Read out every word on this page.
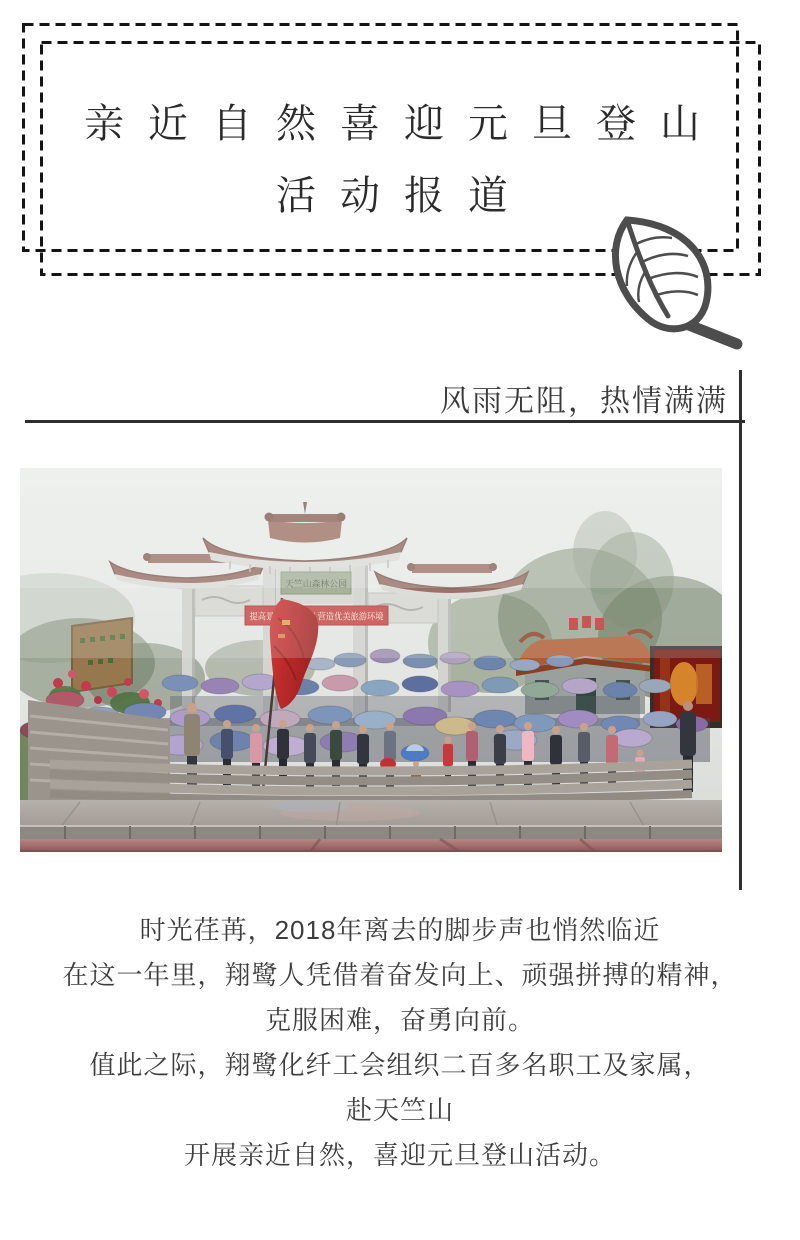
亲近自然喜迎元旦登山
活动报道
风雨无阻，热情满满
天竺山森林公园
提高景区文明程度 营造优美旅游环境
时光荏苒，2018年离去的脚步声也悄然临近
在这一年里，翔鹭人凭借着奋发向上、顽强拼搏的精神，
克服困难，奋勇向前。
值此之际，翔鹭化纤工会组织二百多名职工及家属，
赴天竺山
开展亲近自然，喜迎元旦登山活动。
